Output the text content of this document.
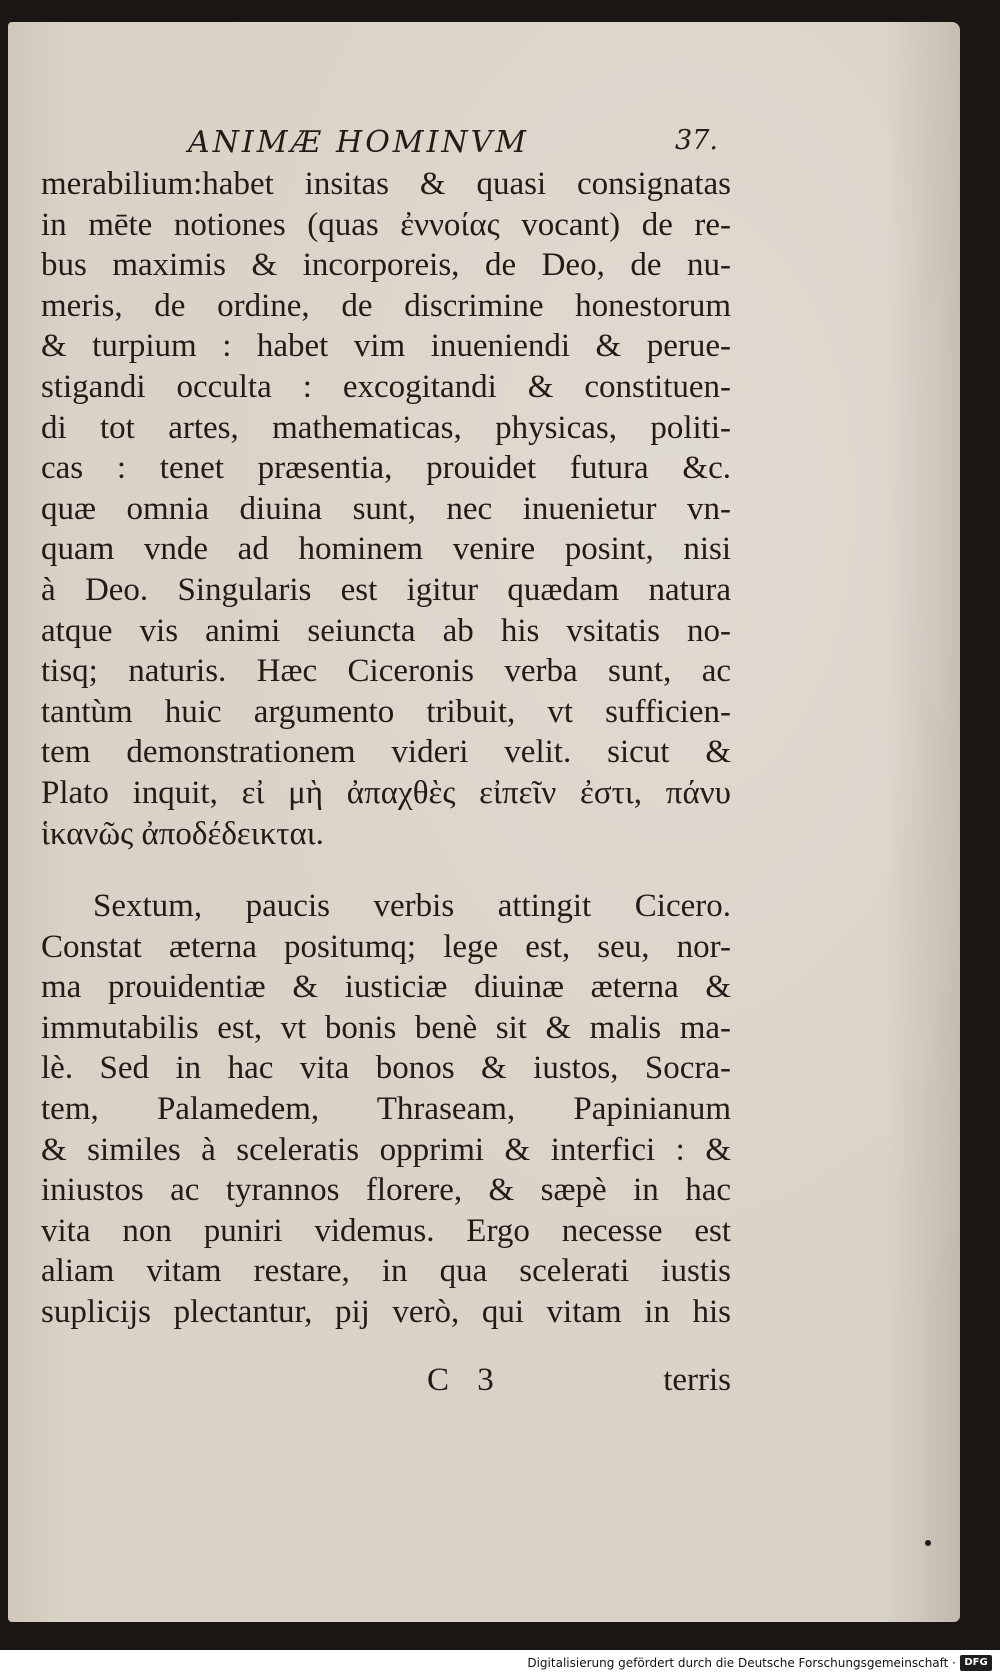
ANIMÆ HOMINVM	37.
merabilium:habet insitas & quasi consignatas
in mēte notiones (quas ἐννοίας vocant) de re-
bus maximis & incorporeis, de Deo, de nu-
meris, de ordine, de discrimine honestorum
& turpium : habet vim inueniendi & perue-
stigandi occulta : excogitandi & constituen-
di tot artes, mathematicas, physicas, politi-
cas : tenet præsentia, prouidet futura &c.
quæ omnia diuina sunt, nec inuenietur vn-
quam vnde ad hominem venire posint, nisi
à Deo. Singularis est igitur quædam natura
atque vis animi seiuncta ab his vsitatis no-
tisq; naturis. Hæc Ciceronis verba sunt, ac
tantùm huic argumento tribuit, vt sufficien-
tem demonstrationem videri velit. sicut &
Plato inquit, εἰ μὴ ἀπαχθὲς εἰπεῖν ἐστι, πάνυ
ἱκανῶς ἀποδέδεικται.
Sextum, paucis verbis attingit Cicero.
Constat æterna positumq; lege est, seu, nor-
ma prouidentiæ & iusticiæ diuinæ æterna &
immutabilis est, vt bonis benè sit & malis ma-
lè. Sed in hac vita bonos & iustos, Socra-
tem, Palamedem, Thraseam, Papinianum
& similes à sceleratis opprimi & interfici : &
iniustos ac tyrannos florere, & sæpè in hac
vita non puniri videmus. Ergo necesse est
aliam vitam restare, in qua scelerati iustis
suplicijs plectantur, pij verò, qui vitam in his
C 3	terris
Digitalisierung gefördert durch die Deutsche Forschungsgemeinschaft · DFG
